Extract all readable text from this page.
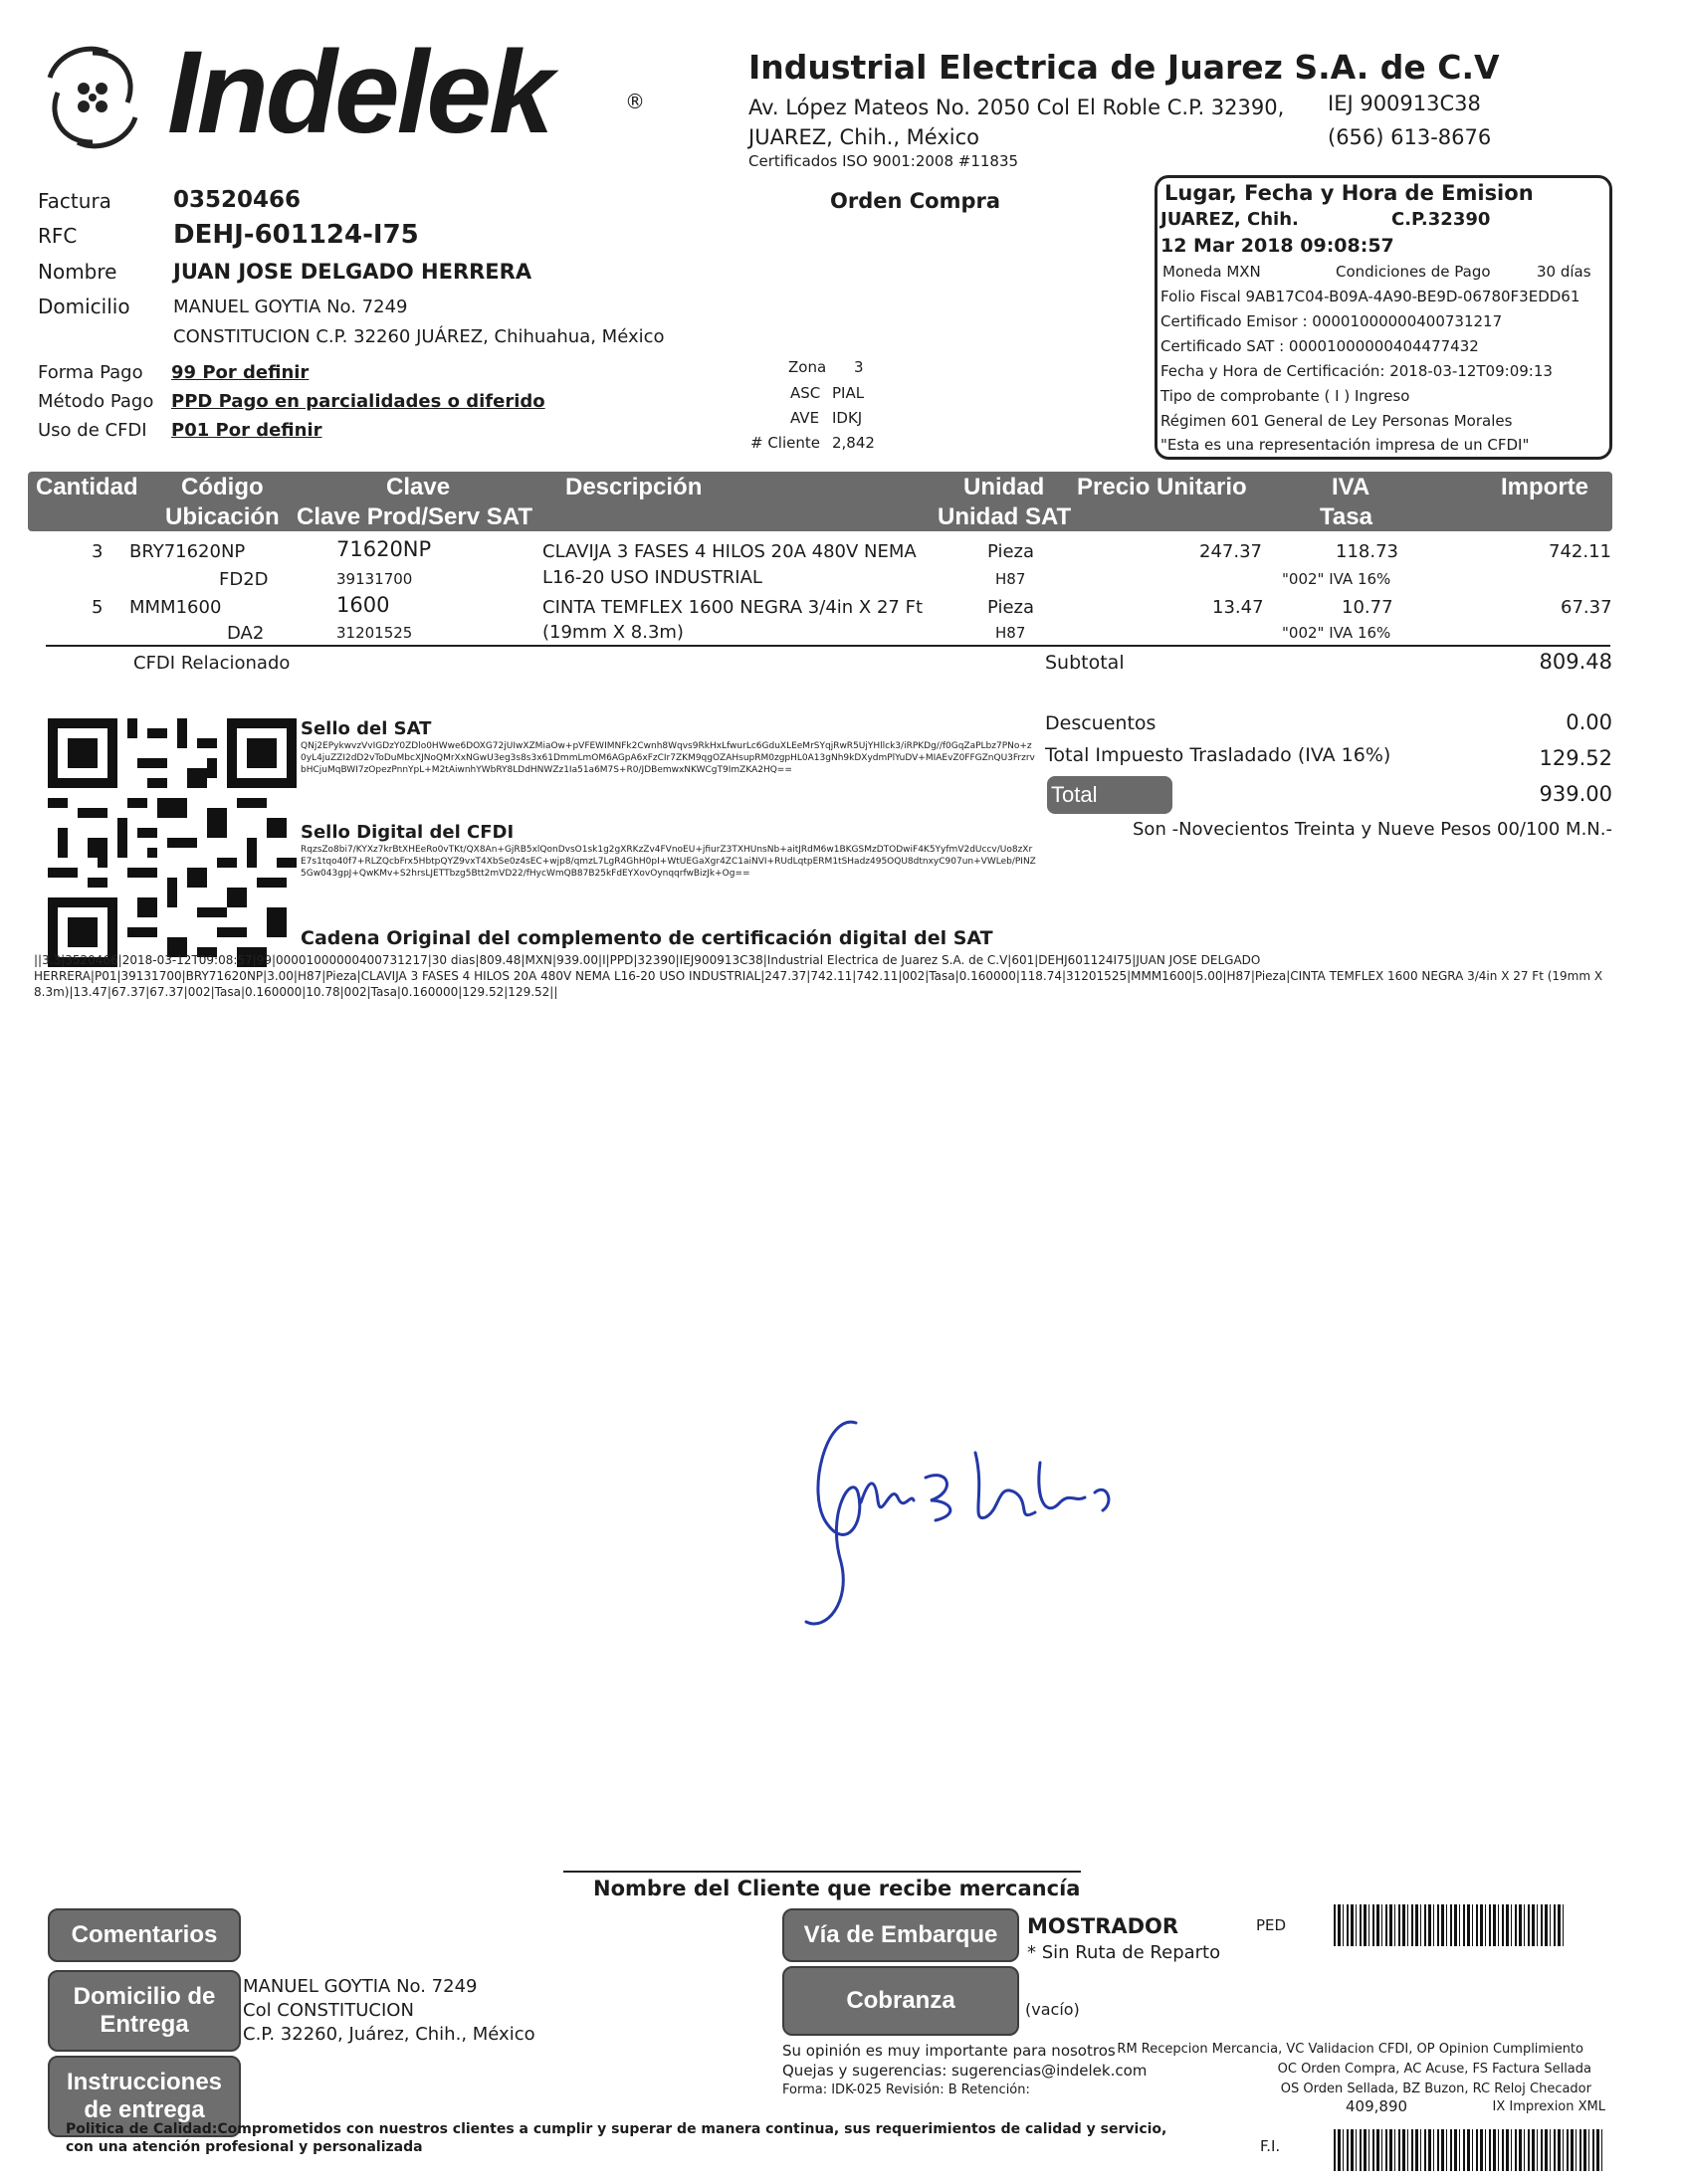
Indelek	®
Industrial Electrica de Juarez S.A. de C.V
Av. López Mateos No. 2050 Col El Roble C.P. 32390,
JUAREZ, Chih., México
Certificados ISO 9001:2008 #11835
IEJ 900913C38
(656) 613-8676
Factura	03520466
RFC	DEHJ-601124-I75
Nombre	JUAN JOSE DELGADO HERRERA
Domicilio MANUEL GOYTIA No. 7249
CONSTITUCION C.P. 32260 JUÁREZ, Chihuahua, México
Forma Pago 99 Por definir
Método Pago PPD Pago en parcialidades o diferido
Uso de CFDI P01 Por definir
Orden Compra
Zona 3
ASC PIAL
AVE IDKJ
# Cliente 2,842
Lugar, Fecha y Hora de Emision
JUAREZ, Chih.	C.P.32390
12 Mar 2018 09:08:57
Moneda MXN	Condiciones de Pago	30 días
Folio Fiscal 9AB17C04-B09A-4A90-BE9D-06780F3EDD61
Certificado Emisor : 00001000000400731217
Certificado SAT : 00001000000404477432
Fecha y Hora de Certificación: 2018-03-12T09:09:13
Tipo de comprobante ( I ) Ingreso
Régimen 601 General de Ley Personas Morales
"Esta es una representación impresa de un CFDI"
Cantidad Código	Clave	Descripción	Unidad Precio Unitario	IVA	Importe
Ubicación Clave Prod/Serv SAT	Unidad SAT	Tasa
3 BRY71620NP	71620NP	CLAVIJA 3 FASES 4 HILOS 20A 480V NEMA	Pieza	247.37	118.73	742.11
FD2D	39131700	L16-20 USO INDUSTRIAL	H87	"002" IVA 16%
5 MMM1600	1600	CINTA TEMFLEX 1600 NEGRA 3/4in X 27 Ft	Pieza	13.47	10.77	67.37
DA2	31201525	(19mm X 8.3m)	H87	"002" IVA 16%
CFDI Relacionado	Subtotal	809.48
Descuentos	0.00
Total Impuesto Trasladado (IVA 16%)	129.52
Total	939.00
Son -Novecientos Treinta y Nueve Pesos 00/100 M.N.-
Sello del SAT
QNj2EPykwvzVvIGDzY0ZDlo0HWwe6DOXG72jUIwXZMiaOw+pVFEWIMNFk2Cwnh8Wqvs9RkHxLfwurLc6GduXLEeMrSYqjRwR5UjYHllck3/iRPKDg//f0GqZaPLbz7PNo+z0yL4juZZI2dD2vToDuMbcXJNoQMrXxNGwU3eg3s8s3x61DmmLmOM6AGpA6xFzCIr7ZKM9qgOZAHsupRM0zgpHL0A13gNh9kDXydmPlYuDV+MIAEvZ0FFGZnQU3FrzrvbHCjuMqBWI7zOpezPnnYpL+M2tAiwnhYWbRY8LDdHNWZz1Ia51a6M7S+R0/JDBemwxNKWCgT9ImZKA2HQ==
Sello Digital del CFDI
RqzsZo8bi7/KYXz7krBtXHEeRo0vTKt/QX8An+GjRB5xlQonDvsO1sk1g2gXRKzZv4FVnoEU+jfiurZ3TXHUnsNb+aitJRdM6w1BKGSMzDTODwiF4K5YyfmV2dUccv/Uo8zXrE7s1tqo40f7+RLZQcbFrx5HbtpQYZ9vxT4XbSe0z4sEC+wjp8/qmzL7LgR4GhH0pI+WtUEGaXgr4ZC1aiNVI+RUdLqtpERM1tSHadz495OQU8dtnxyC907un+VWLeb/PINZ5Gw043gpJ+QwKMv+S2hrsLJETTbzg5Btt2mVD22/fHycWmQB87B25kFdEYXovOynqqrfwBizJk+Og==
Cadena Original del complemento de certificación digital del SAT
||3.3|3520466|2018-03-12T09:08:57|99|00001000000400731217|30 dias|809.48|MXN|939.00|I|PPD|32390|IEJ900913C38|Industrial Electrica de Juarez S.A. de C.V|601|DEHJ601124I75|JUAN JOSE DELGADO HERRERA|P01|39131700|BRY71620NP|3.00|H87|Pieza|CLAVIJA 3 FASES 4 HILOS 20A 480V NEMA L16-20 USO INDUSTRIAL|247.37|742.11|742.11|002|Tasa|0.160000|118.74|31201525|MMM1600|5.00|H87|Pieza|CINTA TEMFLEX 1600 NEGRA 3/4in X 27 Ft (19mm X 8.3m)|13.47|67.37|67.37|002|Tasa|0.160000|10.78|002|Tasa|0.160000|129.52|129.52||
Nombre del Cliente que recibe mercancía
Comentarios
Domicilio de Entrega
Instrucciones de entrega
MANUEL GOYTIA No. 7249
Col CONSTITUCION
C.P. 32260, Juárez, Chih., México
Vía de Embarque	MOSTRADOR
* Sin Ruta de Reparto
PED
Cobranza	(vacío)
Su opinión es muy importante para nosotros
Quejas y sugerencias: sugerencias@indelek.com
Forma: IDK-025 Revisión: B Retención:
RM Recepcion Mercancia, VC Validacion CFDI, OP Opinion Cumplimiento
OC Orden Compra, AC Acuse, FS Factura Sellada
OS Orden Sellada, BZ Buzon, RC Reloj Checador
409,890	IX Imprexion XML
Politica de Calidad:Comprometidos con nuestros clientes a cumplir y superar de manera continua, sus requerimientos de calidad y servicio,
con una atención profesional y personalizada	F.I.
